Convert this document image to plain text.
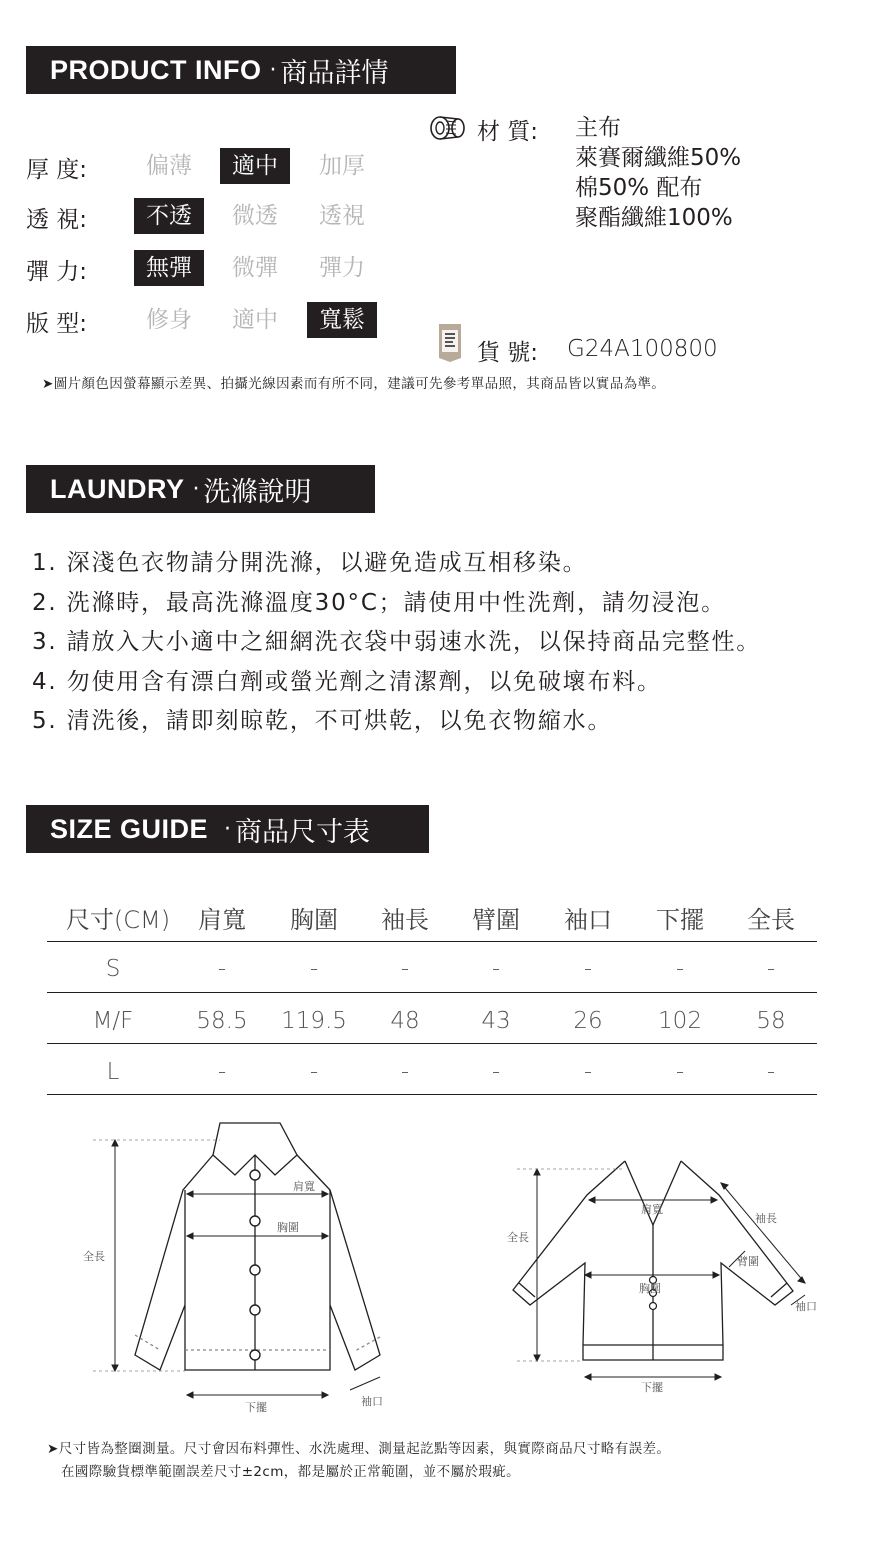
PRODUCT INFO · 商品詳情
厚 度:	偏薄	適中	加厚
透 視:	不透	微透	透視
彈 力:	無彈	微彈	彈力
版 型:	修身	適中	寬鬆
材 質: 主布
萊賽爾纖維50%
棉50% 配布
聚酯纖維100%
貨 號: G24A100800
➤圖片顏色因螢幕顯示差異、拍攝光線因素而有所不同，建議可先參考單品照，其商品皆以實品為準。
LAUNDRY · 洗滌說明
1. 深淺色衣物請分開洗滌，以避免造成互相移染。
2. 洗滌時，最高洗滌溫度30°C；請使用中性洗劑，請勿浸泡。
3. 請放入大小適中之細網洗衣袋中弱速水洗，以保持商品完整性。
4. 勿使用含有漂白劑或螢光劑之清潔劑，以免破壞布料。
5. 清洗後，請即刻晾乾，不可烘乾，以免衣物縮水。
SIZE GUIDE · 商品尺寸表
尺寸(CM)	肩寬	胸圍	袖長	臂圍	袖口	下擺	全長
S	-	-	-	-	-	-	-
M/F	58.5	119.5	48	43	26	102	58
L	-	-	-	-	-	-	-
肩寬
胸圍
全長
下擺	袖口
肩寬
胸圍
全長
下擺
袖長
臂圍
袖口
➤尺寸皆為整圈測量。尺寸會因布料彈性、水洗處理、測量起訖點等因素，與實際商品尺寸略有誤差。
在國際驗貨標準範圍誤差尺寸±2cm，都是屬於正常範圍，並不屬於瑕疵。
